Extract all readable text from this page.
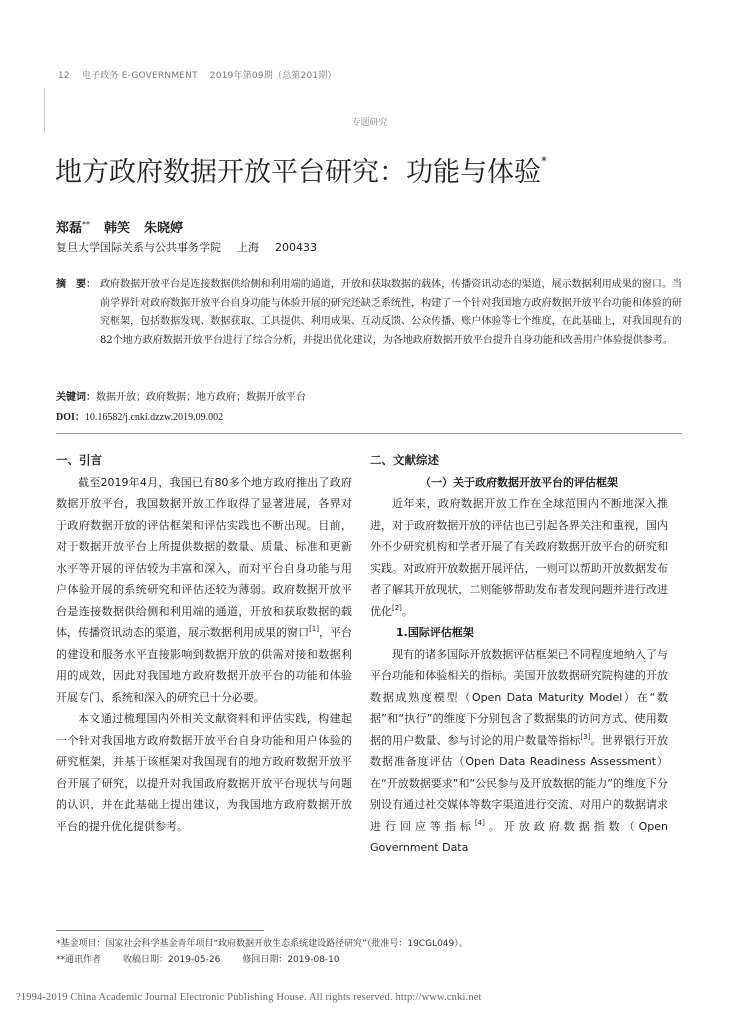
12 电子政务 E-GOVERNMENT 2019年第09期（总第201期）
专题研究
地方政府数据开放平台研究：功能与体验*
郑磊** 韩笑 朱晓婷
复旦大学国际关系与公共事务学院 上海 200433
摘　要： 政府数据开放平台是连接数据供给侧和利用端的通道，开放和获取数据的载体，传播资讯动态的渠道，展示数据利用成果的窗口。当前学界针对政府数据开放平台自身功能与体验开展的研究还缺乏系统性，构建了一个针对我国地方政府数据开放平台功能和体验的研究框架，包括数据发现、数据获取、工具提供、利用成果、互动反馈、公众传播、账户体验等七个维度，在此基础上，对我国现有的82个地方政府数据开放平台进行了综合分析，并提出优化建议，为各地政府数据开放平台提升自身功能和改善用户体验提供参考。
关键词：数据开放；政府数据；地方政府；数据开放平台
DOI：10.16582/j.cnki.dzzw.2019.09.002
一、引言

截至2019年4月，我国已有80多个地方政府推出了政府数据开放平台，我国数据开放工作取得了显著进展，各界对于政府数据开放的评估框架和评估实践也不断出现。目前，对于数据开放平台上所提供数据的数量、质量、标准和更新水平等开展的评估较为丰富和深入，而对平台自身功能与用户体验开展的系统研究和评估还较为薄弱。政府数据开放平台是连接数据供给侧和利用端的通道，开放和获取数据的载体，传播资讯动态的渠道，展示数据利用成果的窗口[1]，平台的建设和服务水平直接影响到数据开放的供需对接和数据利用的成效，因此对我国地方政府数据开放平台的功能和体验开展专门、系统和深入的研究已十分必要。

本文通过梳理国内外相关文献资料和评估实践，构建起一个针对我国地方政府数据开放平台自身功能和用户体验的研究框架，并基于该框架对我国现有的地方政府数据开放平台开展了研究，以提升对我国政府数据开放平台现状与问题的认识，并在此基础上提出建议，为我国地方政府数据开放平台的提升优化提供参考。

二、文献综述
（一）关于政府数据开放平台的评估框架

近年来，政府数据开放工作在全球范围内不断地深入推进，对于政府数据开放的评估也已引起各界关注和重视，国内外不少研究机构和学者开展了有关政府数据开放平台的研究和实践。对政府开放数据开展评估，一则可以帮助开放数据发布者了解其开放现状，二则能够帮助发布者发现问题并进行改进优化[2]。

1.国际评估框架

现有的诸多国际开放数据评估框架已不同程度地纳入了与平台功能和体验相关的指标。美国开放数据研究院构建的开放数据成熟度模型（Open Data Maturity Model）在“数据”和“执行”的维度下分别包含了数据集的访问方式、使用数据的用户数量、参与讨论的用户数量等指标[3]。世界银行开放数据准备度评估（Open Data Readiness Assessment）在“开放数据要求”和“公民参与及开放数据的能力”的维度下分别设有通过社交媒体等数字渠道进行交流、对用户的数据请求进行回应等指标[4]。开放政府数据指数（Open Government Data

*基金项目：国家社会科学基金青年项目“政府数据开放生态系统建设路径研究”（批准号：19CGL049）。
**通讯作者 收稿日期：2019-05-26 修回日期：2019-08-10
?1994-2019 China Academic Journal Electronic Publishing House. All rights reserved. http://www.cnki.net
